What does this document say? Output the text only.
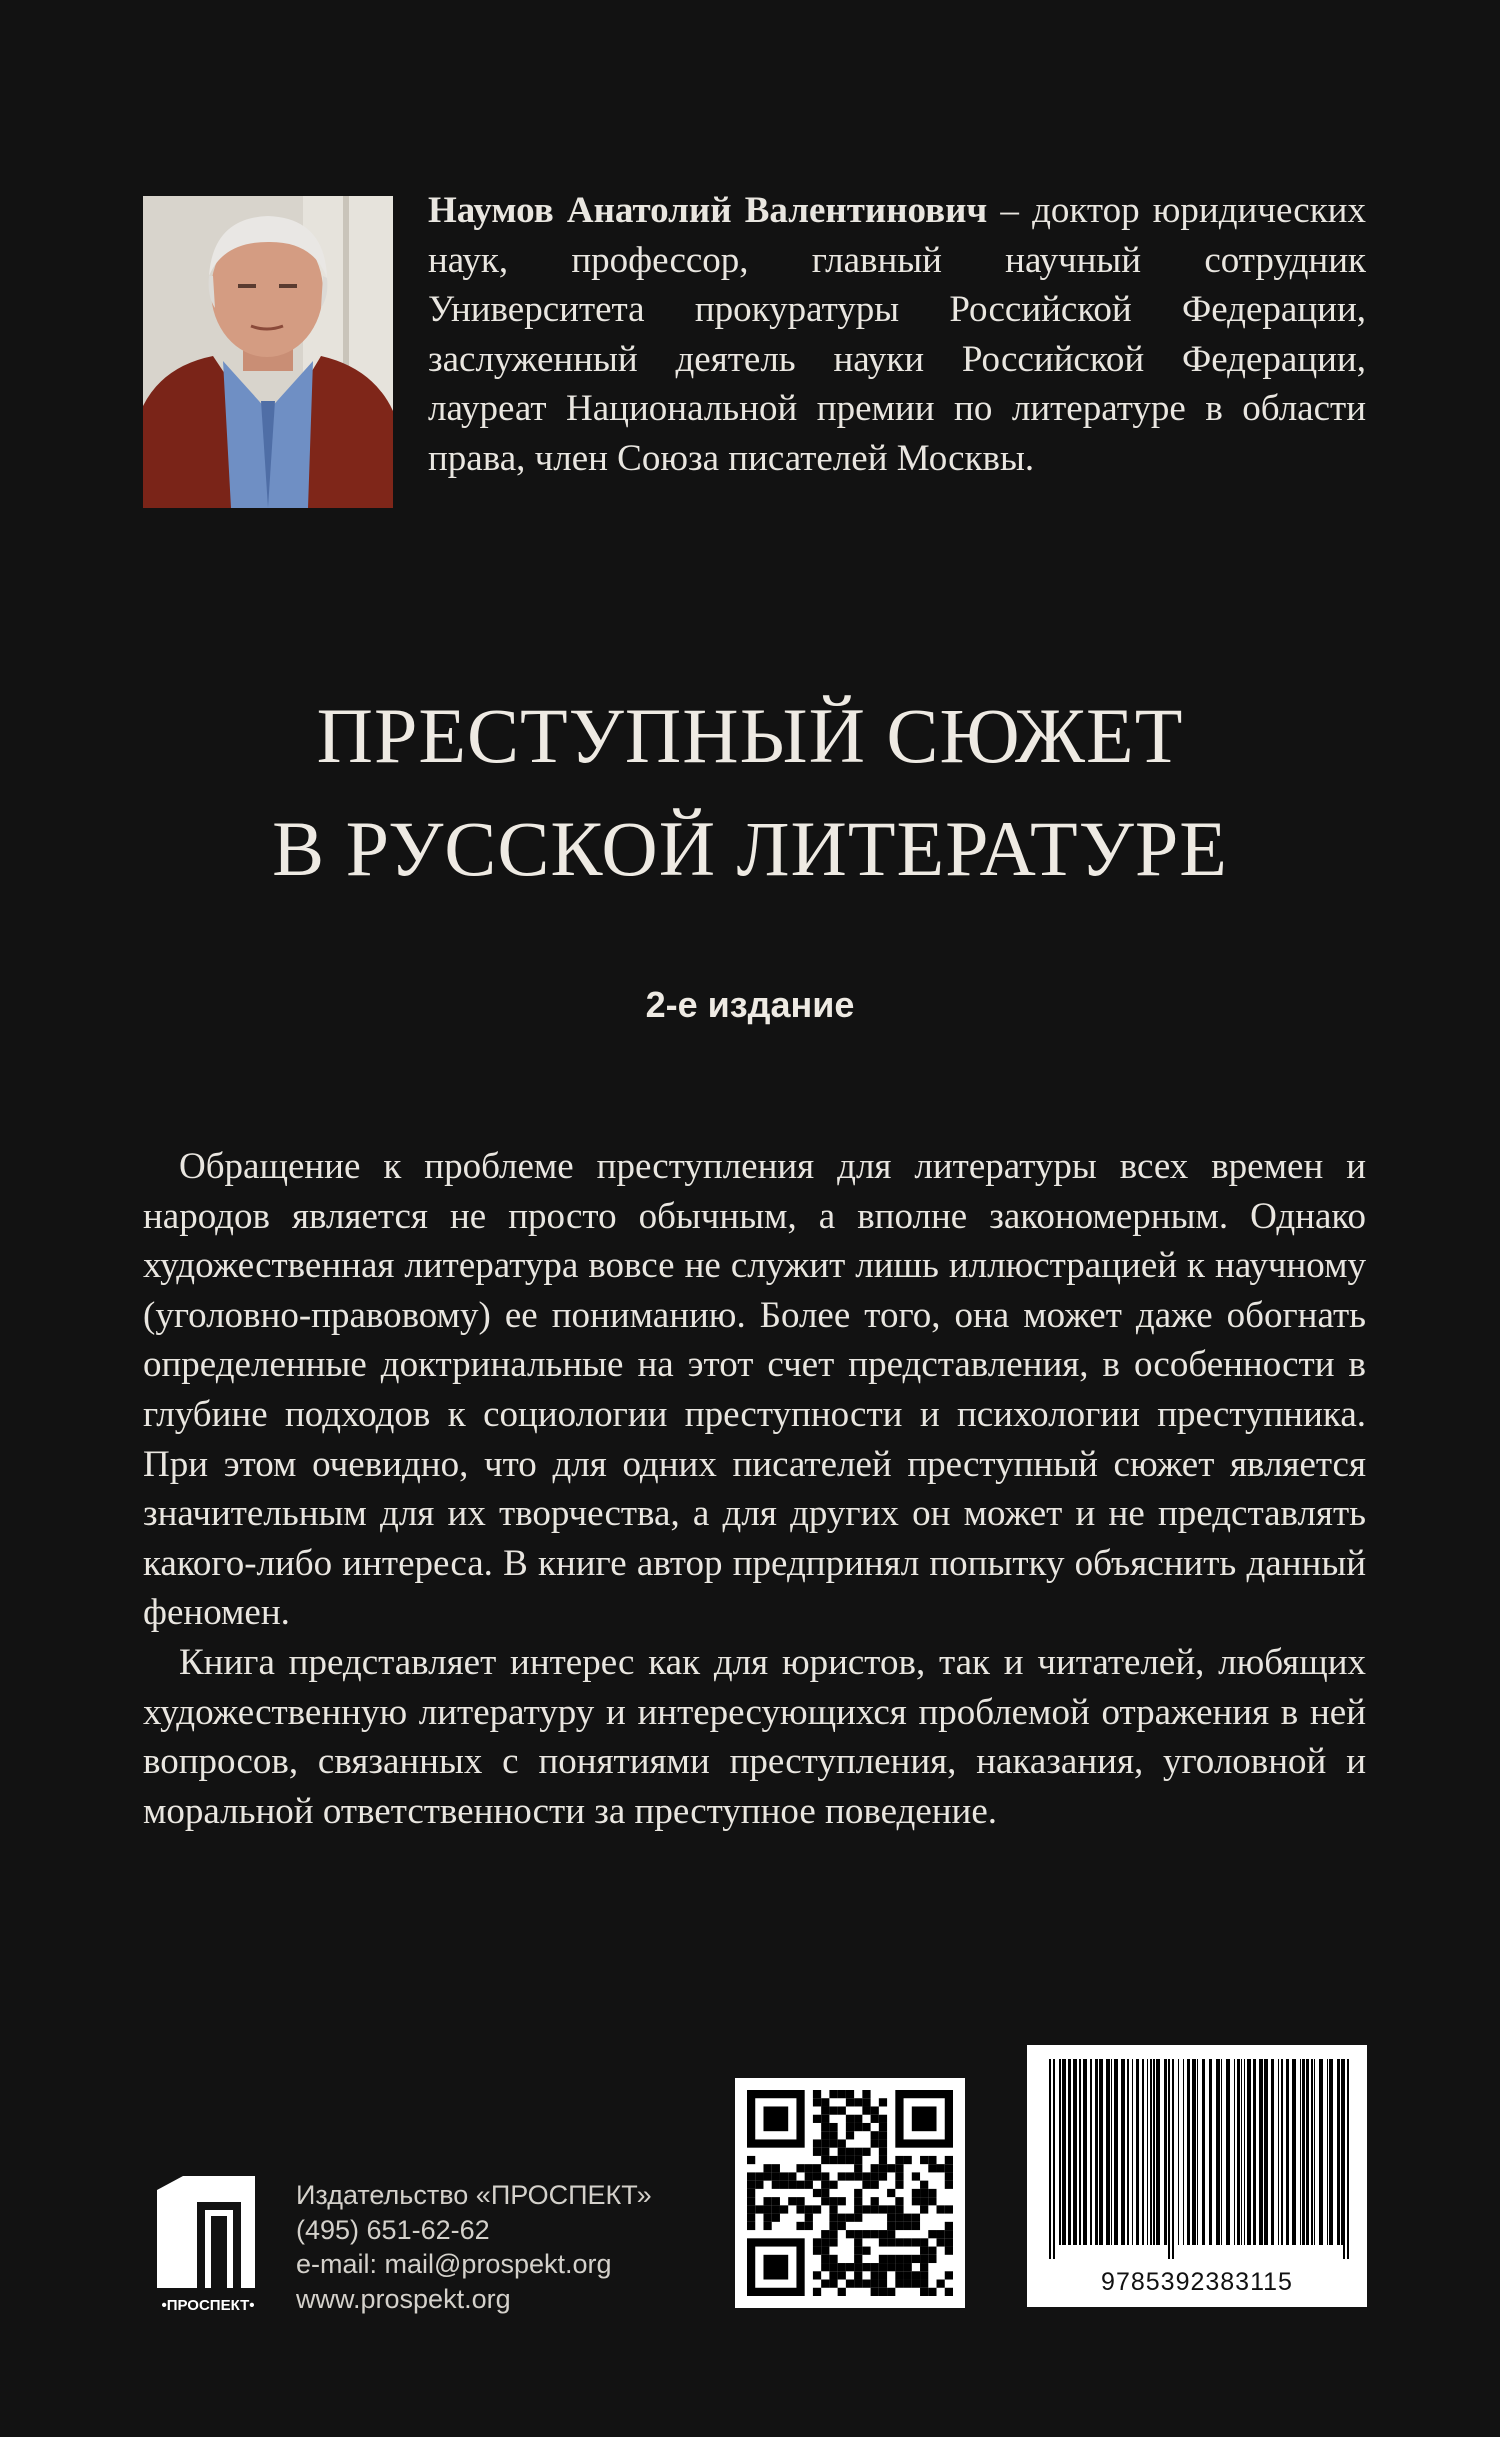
Наумов Анатолий Валентинович – доктор юридических наук, профессор, главный научный сотрудник Университета прокуратуры Российской Федерации, заслуженный деятель науки Российской Федерации, лауреат Национальной премии по литературе в области права, член Союза писателей Москвы.

ПРЕСТУПНЫЙ СЮЖЕТ
В РУССКОЙ ЛИТЕРАТУРЕ

2-е издание

Обращение к проблеме преступления для литературы всех времен и народов является не просто обычным, а вполне закономерным. Однако художественная литература вовсе не служит лишь иллюстрацией к научному (уголовно-правовому) ее пониманию. Более того, она может даже обогнать определенные доктринальные на этот счет представления, в особенности в глубине подходов к социологии преступности и психологии преступника. При этом очевидно, что для одних писателей преступный сюжет является значительным для их творчества, а для других он может и не представлять какого-либо интереса. В книге автор предпринял попытку объяснить данный феномен.

Книга представляет интерес как для юристов, так и читателей, любящих художественную литературу и интересующихся проблемой отражения в ней вопросов, связанных с понятиями преступления, наказания, уголовной и моральной ответственности за преступное поведение.

•ПРОСПЕКТ•
Издательство «ПРОСПЕКТ»
(495) 651-62-62
e-mail: mail@prospekt.org
www.prospekt.org
9785392383115
